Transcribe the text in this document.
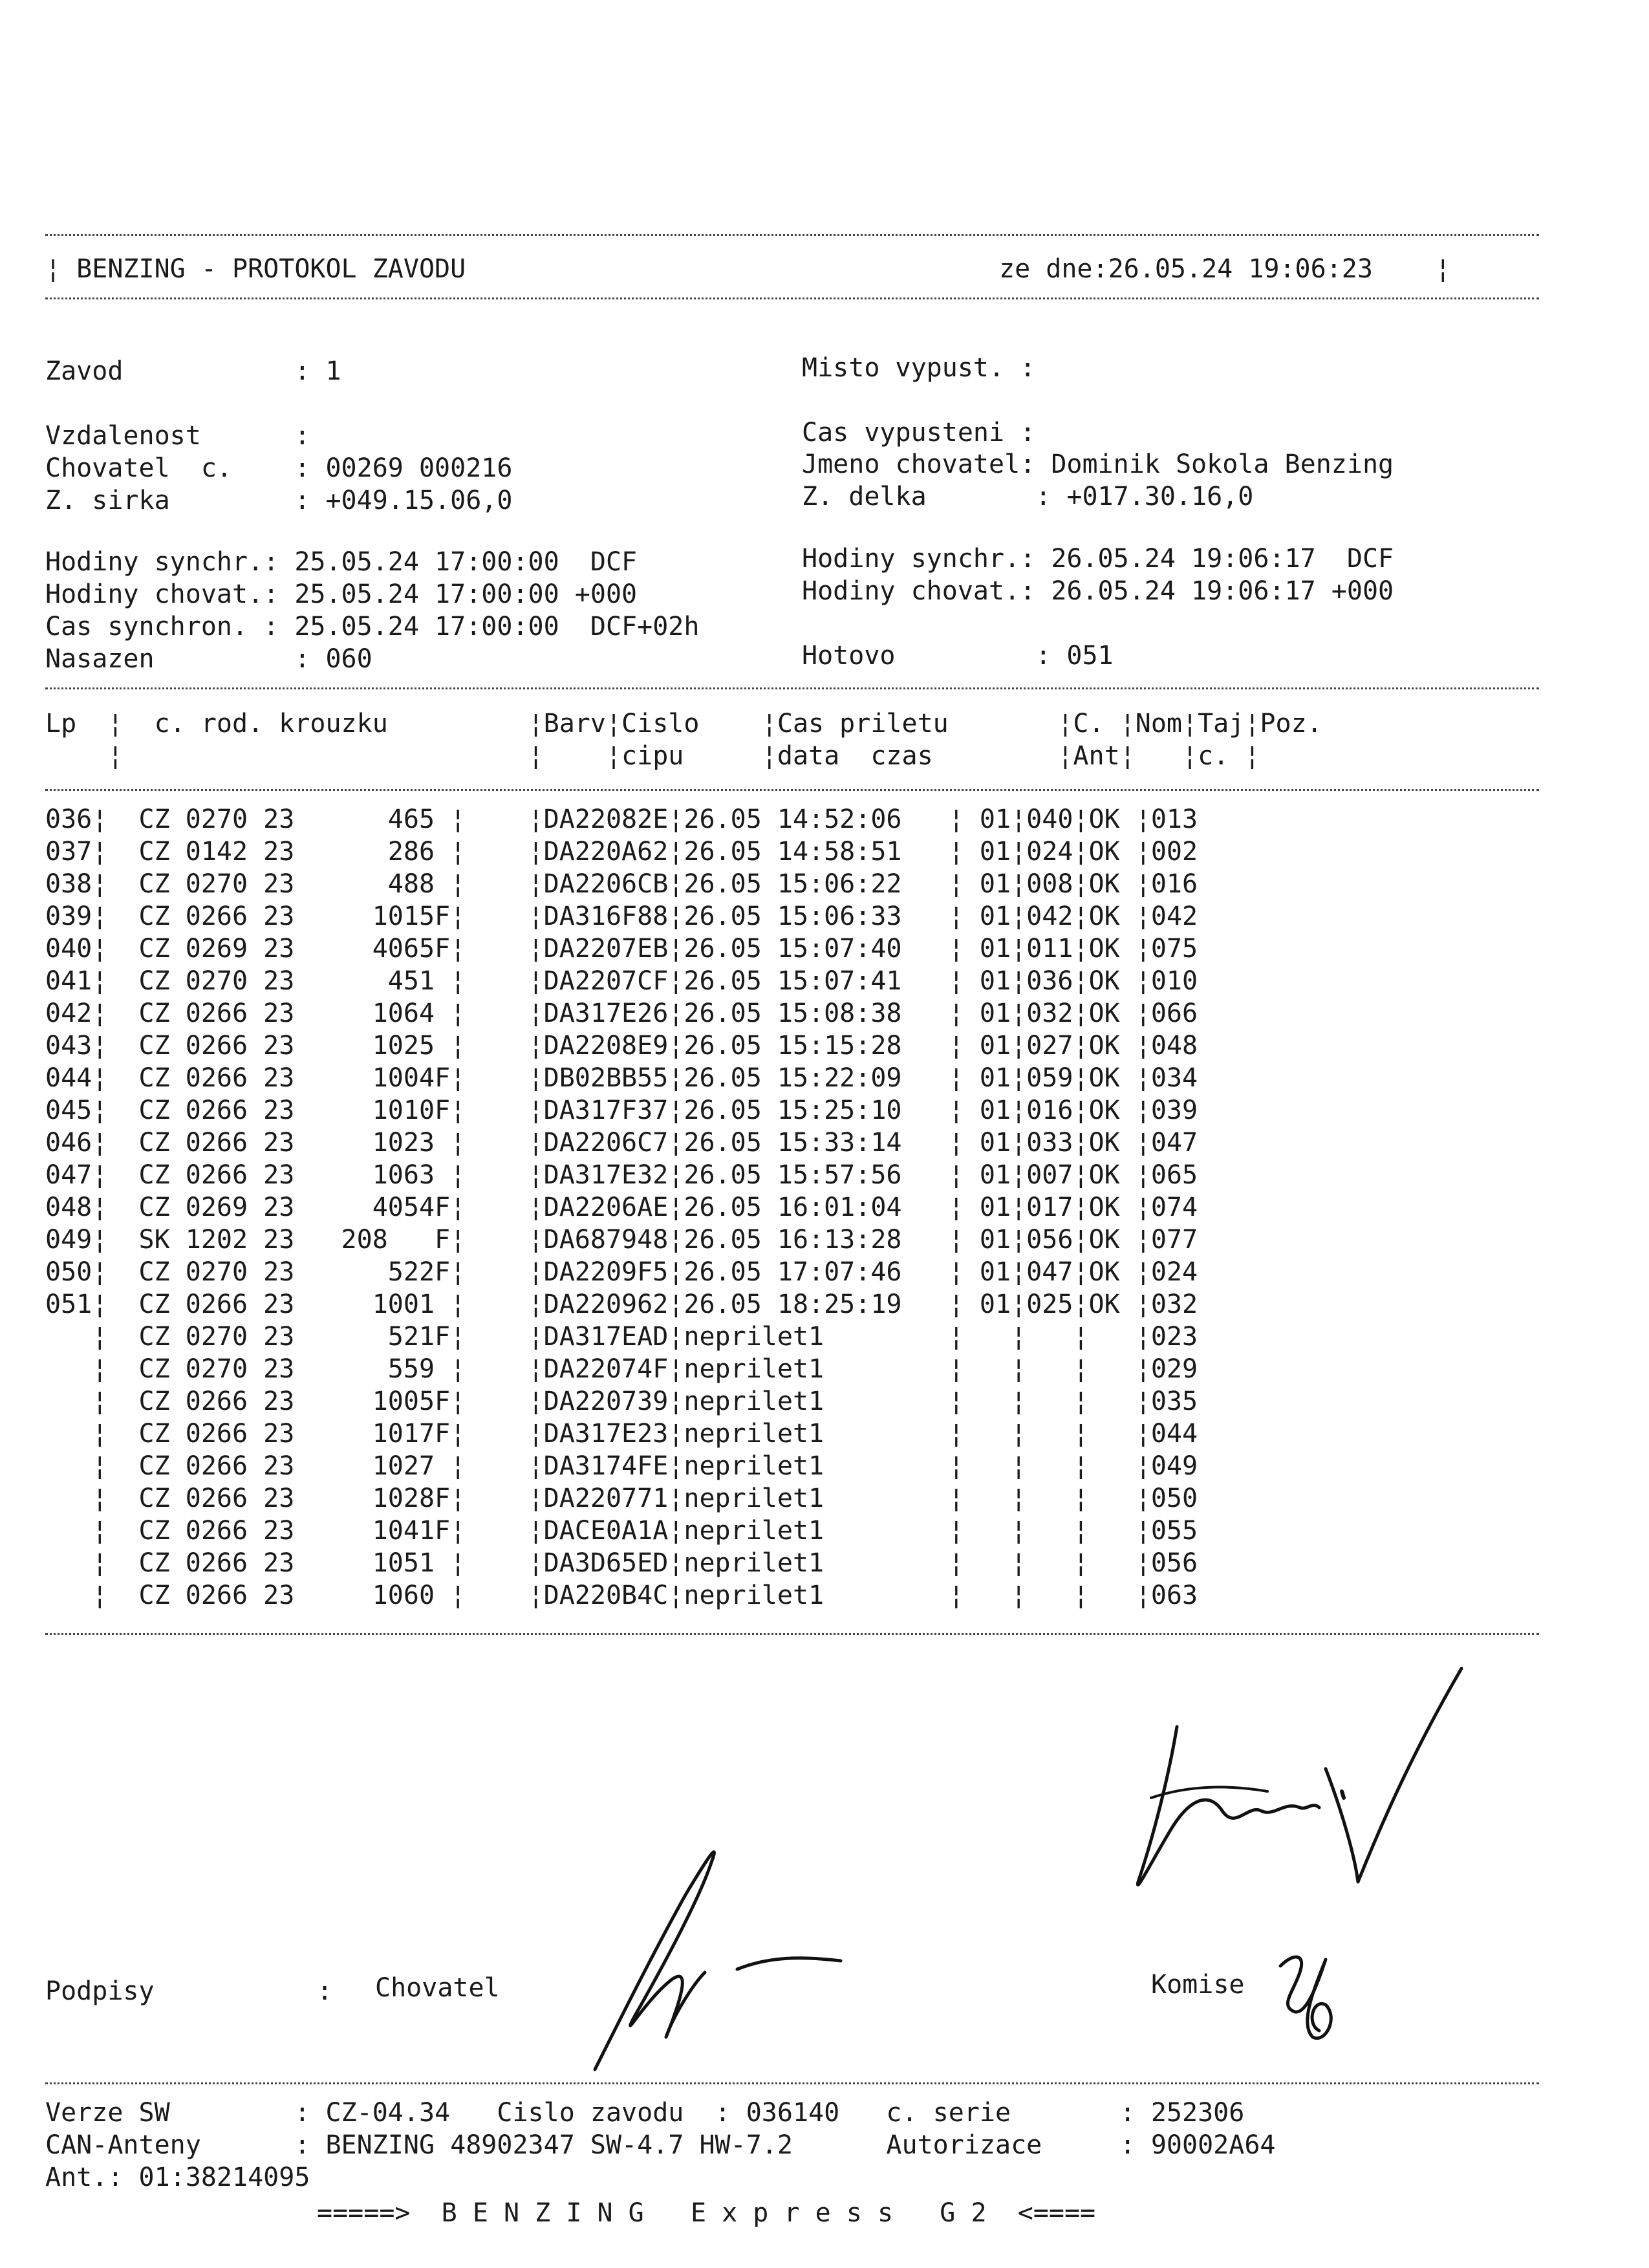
¦ BENZING - PROTOKOL ZAVODU	ze dne:26.05.24 19:06:23    ¦
Zavod           : 1	Misto vypust. :
Vzdalenost      :	Cas vypusteni :
Chovatel  c.    : 00269 000216	Jmeno chovatel: Dominik Sokola Benzing
Z. sirka        : +049.15.06,0	Z. delka       : +017.30.16,0
Hodiny synchr.: 25.05.24 17:00:00  DCF	Hodiny synchr.: 26.05.24 19:06:17  DCF
Hodiny chovat.: 25.05.24 17:00:00 +000	Hodiny chovat.: 26.05.24 19:06:17 +000
Cas synchron. : 25.05.24 17:00:00  DCF+02h
Nasazen         : 060	Hotovo         : 051
Lp  ¦  c. rod. krouzku         ¦Barv¦Cislo    ¦Cas priletu       ¦C. ¦Nom¦Taj¦Poz.
¦                          ¦    ¦cipu     ¦data  czas        ¦Ant¦   ¦c. ¦
036¦  CZ 0270 23      465 ¦    ¦DA22082E¦26.05 14:52:06   ¦ 01¦040¦OK ¦013
037¦  CZ 0142 23      286 ¦    ¦DA220A62¦26.05 14:58:51   ¦ 01¦024¦OK ¦002
038¦  CZ 0270 23      488 ¦    ¦DA2206CB¦26.05 15:06:22   ¦ 01¦008¦OK ¦016
039¦  CZ 0266 23     1015F¦    ¦DA316F88¦26.05 15:06:33   ¦ 01¦042¦OK ¦042
040¦  CZ 0269 23     4065F¦    ¦DA2207EB¦26.05 15:07:40   ¦ 01¦011¦OK ¦075
041¦  CZ 0270 23      451 ¦    ¦DA2207CF¦26.05 15:07:41   ¦ 01¦036¦OK ¦010
042¦  CZ 0266 23     1064 ¦    ¦DA317E26¦26.05 15:08:38   ¦ 01¦032¦OK ¦066
043¦  CZ 0266 23     1025 ¦    ¦DA2208E9¦26.05 15:15:28   ¦ 01¦027¦OK ¦048
044¦  CZ 0266 23     1004F¦    ¦DB02BB55¦26.05 15:22:09   ¦ 01¦059¦OK ¦034
045¦  CZ 0266 23     1010F¦    ¦DA317F37¦26.05 15:25:10   ¦ 01¦016¦OK ¦039
046¦  CZ 0266 23     1023 ¦    ¦DA2206C7¦26.05 15:33:14   ¦ 01¦033¦OK ¦047
047¦  CZ 0266 23     1063 ¦    ¦DA317E32¦26.05 15:57:56   ¦ 01¦007¦OK ¦065
048¦  CZ 0269 23     4054F¦    ¦DA2206AE¦26.05 16:01:04   ¦ 01¦017¦OK ¦074
049¦  SK 1202 23   208   F¦    ¦DA687948¦26.05 16:13:28   ¦ 01¦056¦OK ¦077
050¦  CZ 0270 23      522F¦    ¦DA2209F5¦26.05 17:07:46   ¦ 01¦047¦OK ¦024
051¦  CZ 0266 23     1001 ¦    ¦DA220962¦26.05 18:25:19   ¦ 01¦025¦OK ¦032
¦  CZ 0270 23      521F¦    ¦DA317EAD¦neprilet1        ¦   ¦   ¦   ¦023
¦  CZ 0270 23      559 ¦    ¦DA22074F¦neprilet1        ¦   ¦   ¦   ¦029
¦  CZ 0266 23     1005F¦    ¦DA220739¦neprilet1        ¦   ¦   ¦   ¦035
¦  CZ 0266 23     1017F¦    ¦DA317E23¦neprilet1        ¦   ¦   ¦   ¦044
¦  CZ 0266 23     1027 ¦    ¦DA3174FE¦neprilet1        ¦   ¦   ¦   ¦049
¦  CZ 0266 23     1028F¦    ¦DA220771¦neprilet1        ¦   ¦   ¦   ¦050
¦  CZ 0266 23     1041F¦    ¦DACE0A1A¦neprilet1        ¦   ¦   ¦   ¦055
¦  CZ 0266 23     1051 ¦    ¦DA3D65ED¦neprilet1        ¦   ¦   ¦   ¦056
¦  CZ 0266 23     1060 ¦    ¦DA220B4C¦neprilet1        ¦   ¦   ¦   ¦063
Podpisy	: Chovatel	Komise
Verze SW        : CZ-04.34   Cislo zavodu  : 036140   c. serie       : 252306
CAN-Anteny      : BENZING 48902347 SW-4.7 HW-7.2      Autorizace     : 90002A64
Ant.: 01:38214095
=====>  B E N Z I N G   E x p r e s s   G 2  <====
